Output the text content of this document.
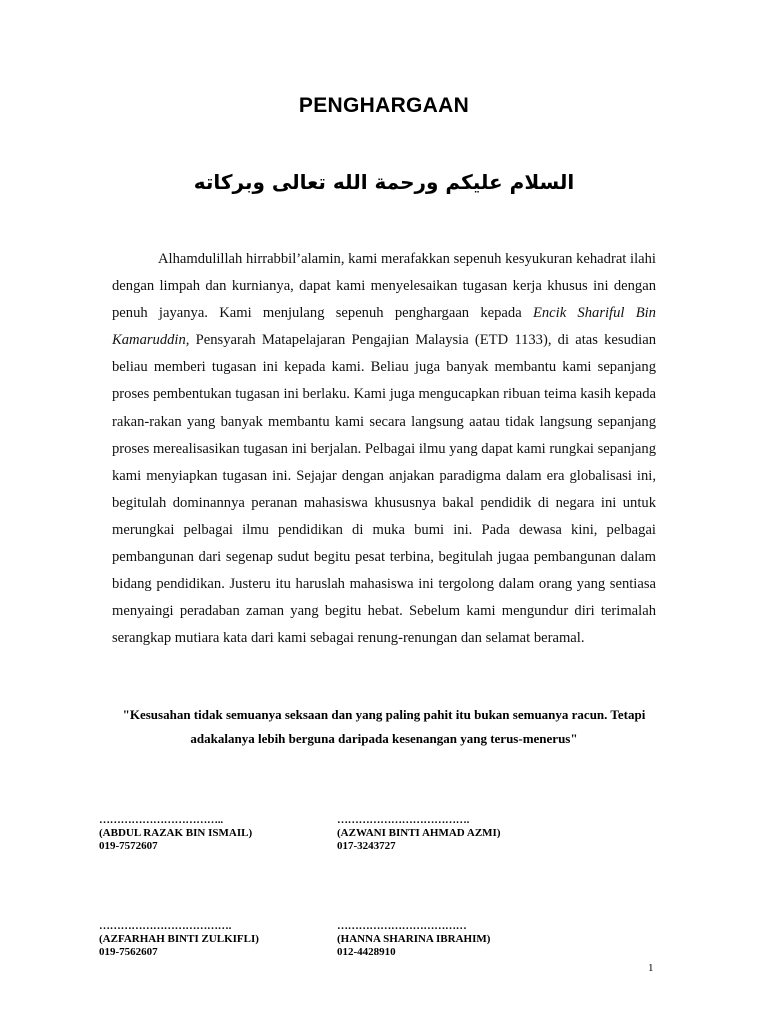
PENGHARGAAN
السلام عليكم ورحمة الله تعالى وبركاته
Alhamdulillah hirrabbil’alamin, kami merafakkan sepenuh kesyukuran kehadrat ilahi dengan limpah dan kurnianya, dapat kami menyelesaikan tugasan kerja khusus ini dengan penuh jayanya. Kami menjulang sepenuh penghargaan kepada Encik Shariful Bin Kamaruddin, Pensyarah Matapelajaran Pengajian Malaysia (ETD 1133), di atas kesudian beliau memberi tugasan ini kepada kami. Beliau juga banyak membantu kami sepanjang proses pembentukan tugasan ini berlaku. Kami juga mengucapkan ribuan teima kasih kepada rakan-rakan yang banyak membantu kami secara langsung aatau tidak langsung sepanjang proses merealisasikan tugasan ini berjalan. Pelbagai ilmu yang dapat kami rungkai sepanjang kami menyiapkan tugasan ini. Sejajar dengan anjakan paradigma dalam era globalisasi ini, begitulah dominannya peranan mahasiswa khususnya bakal pendidik di negara ini untuk merungkai pelbagai ilmu pendidikan di muka bumi ini. Pada dewasa kini, pelbagai pembangunan dari segenap sudut begitu pesat terbina, begitulah jugaa pembangunan dalam bidang pendidikan. Justeru itu haruslah mahasiswa ini tergolong dalam orang yang sentiasa menyaingi peradaban zaman yang begitu hebat. Sebelum kami mengundur diri terimalah serangkap mutiara kata dari kami sebagai renung-renungan dan selamat beramal.
"Kesusahan tidak semuanya seksaan dan yang paling pahit itu bukan semuanya racun. Tetapi adakalanya lebih berguna daripada kesenangan yang terus-menerus"
……………………………..
(ABDUL RAZAK BIN ISMAIL)
019-7572607
……………………………….
(AZWANI BINTI AHMAD AZMI)
017-3243727
……………………………….
(AZFARHAH BINTI ZULKIFLI)
019-7562607
………………………………
(HANNA SHARINA IBRAHIM)
012-4428910
1
